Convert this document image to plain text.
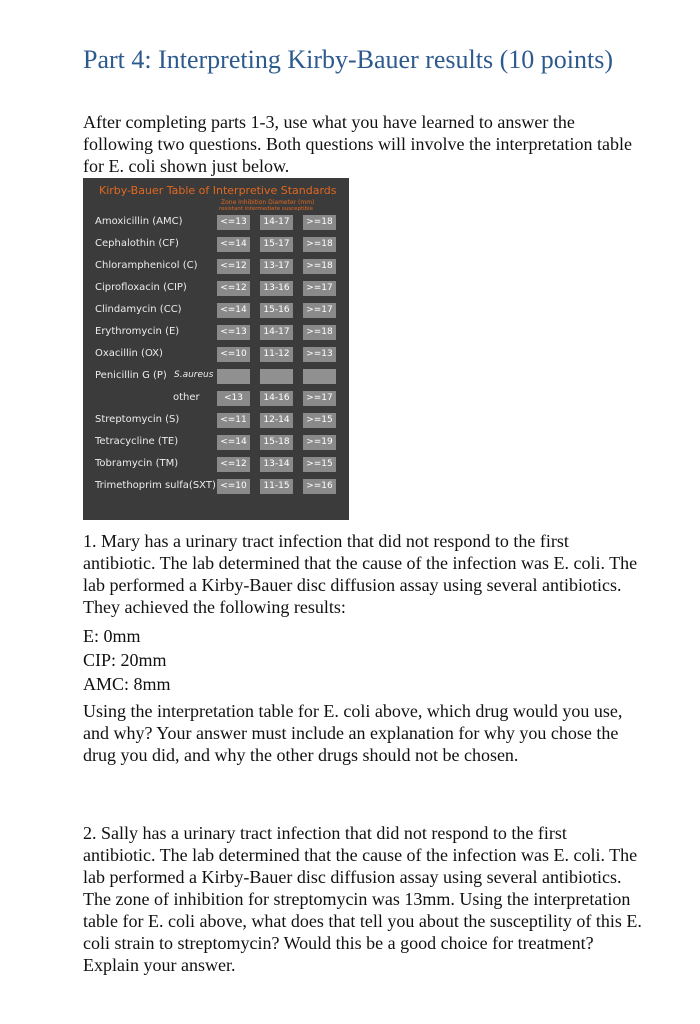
Part 4: Interpreting Kirby-Bauer results (10 points)

After completing parts 1-3, use what you have learned to answer the following two questions. Both questions will involve the interpretation table for E. coli shown just below.

Kirby-Bauer Table of Interpretive Standards
Zone Inhibition Diameter (mm)
resistant intermediate susceptible
Amoxicillin (AMC)	<=13	14-17	>=18
Cephalothin (CF)	<=14	15-17	>=18
Chloramphenicol (C)	<=12	13-17	>=18
Ciprofloxacin (CIP)	<=12	13-16	>=17
Clindamycin (CC)	<=14	15-16	>=17
Erythromycin (E)	<=13	14-17	>=18
Oxacillin (OX)	<=10	11-12	>=13
Penicillin G (P) S.aureus
other	<13	14-16	>=17
Streptomycin (S)	<=11	12-14	>=15
Tetracycline (TE)	<=14	15-18	>=19
Tobramycin (TM)	<=12	13-14	>=15
Trimethoprim sulfa(SXT) <=10	11-15	>=16

1. Mary has a urinary tract infection that did not respond to the first antibiotic. The lab determined that the cause of the infection was E. coli. The lab performed a Kirby-Bauer disc diffusion assay using several antibiotics. They achieved the following results:

E: 0mm

CIP: 20mm

AMC: 8mm

Using the interpretation table for E. coli above, which drug would you use, and why? Your answer must include an explanation for why you chose the drug you did, and why the other drugs should not be chosen.

2. Sally has a urinary tract infection that did not respond to the first antibiotic. The lab determined that the cause of the infection was E. coli. The lab performed a Kirby-Bauer disc diffusion assay using several antibiotics. The zone of inhibition for streptomycin was 13mm. Using the interpretation table for E. coli above, what does that tell you about the susceptility of this E. coli strain to streptomycin? Would this be a good choice for treatment? Explain your answer.
